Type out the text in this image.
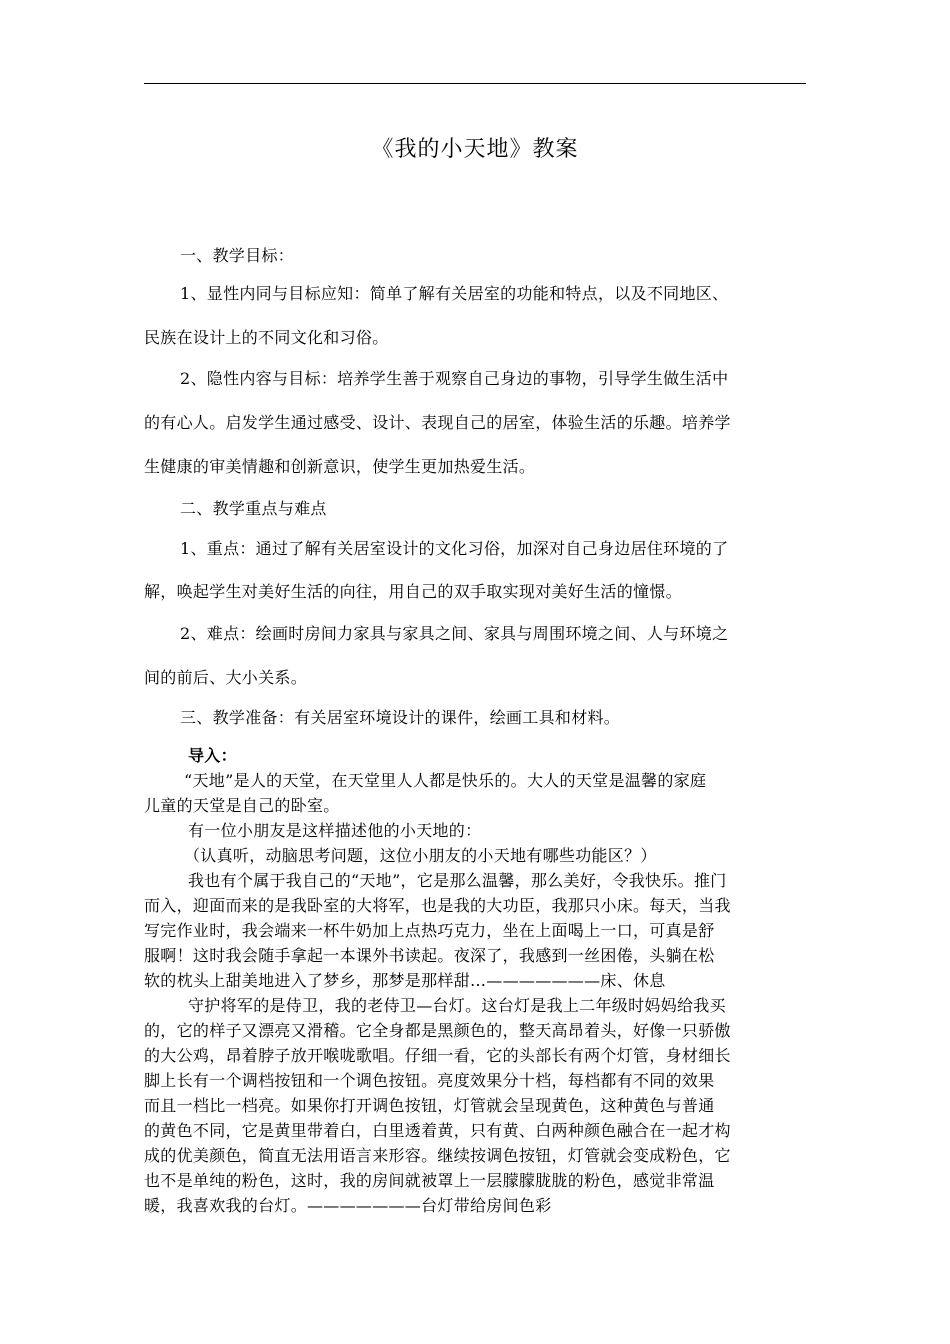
《我的小天地》教案
一、教学目标：
1、显性内同与目标应知：简单了解有关居室的功能和特点，以及不同地区、
民族在设计上的不同文化和习俗。
2、隐性内容与目标：培养学生善于观察自己身边的事物，引导学生做生活中
的有心人。启发学生通过感受、设计、表现自己的居室，体验生活的乐趣。培养学
生健康的审美情趣和创新意识，使学生更加热爱生活。
二、教学重点与难点
1、重点：通过了解有关居室设计的文化习俗，加深对自己身边居住环境的了
解，唤起学生对美好生活的向往，用自己的双手取实现对美好生活的憧憬。
2、难点：绘画时房间力家具与家具之间、家具与周围环境之间、人与环境之
间的前后、大小关系。
三、教学准备：有关居室环境设计的课件，绘画工具和材料。
导入：
“天地”是人的天堂，在天堂里人人都是快乐的。大人的天堂是温馨的家庭
儿童的天堂是自己的卧室。
有一位小朋友是这样描述他的小天地的：
（认真听，动脑思考问题，这位小朋友的小天地有哪些功能区？）
我也有个属于我自己的“天地”，它是那么温馨，那么美好，令我快乐。推门
而入，迎面而来的是我卧室的大将军，也是我的大功臣，我那只小床。每天，当我
写完作业时，我会端来一杯牛奶加上点热巧克力，坐在上面喝上一口，可真是舒
服啊！这时我会随手拿起一本课外书读起。夜深了，我感到一丝困倦，头躺在松
软的枕头上甜美地进入了梦乡，那梦是那样甜…———————床、休息
守护将军的是侍卫，我的老侍卫—台灯。这台灯是我上二年级时妈妈给我买
的，它的样子又漂亮又滑稽。它全身都是黑颜色的，整天高昂着头，好像一只骄傲
的大公鸡，昂着脖子放开喉咙歌唱。仔细一看，它的头部长有两个灯管，身材细长
脚上长有一个调档按钮和一个调色按钮。亮度效果分十档，每档都有不同的效果
而且一档比一档亮。如果你打开调色按钮，灯管就会呈现黄色，这种黄色与普通
的黄色不同，它是黄里带着白，白里透着黄，只有黄、白两种颜色融合在一起才构
成的优美颜色，简直无法用语言来形容。继续按调色按钮，灯管就会变成粉色，它
也不是单纯的粉色，这时，我的房间就被罩上一层朦朦胧胧的粉色，感觉非常温
暖，我喜欢我的台灯。———————台灯带给房间色彩
